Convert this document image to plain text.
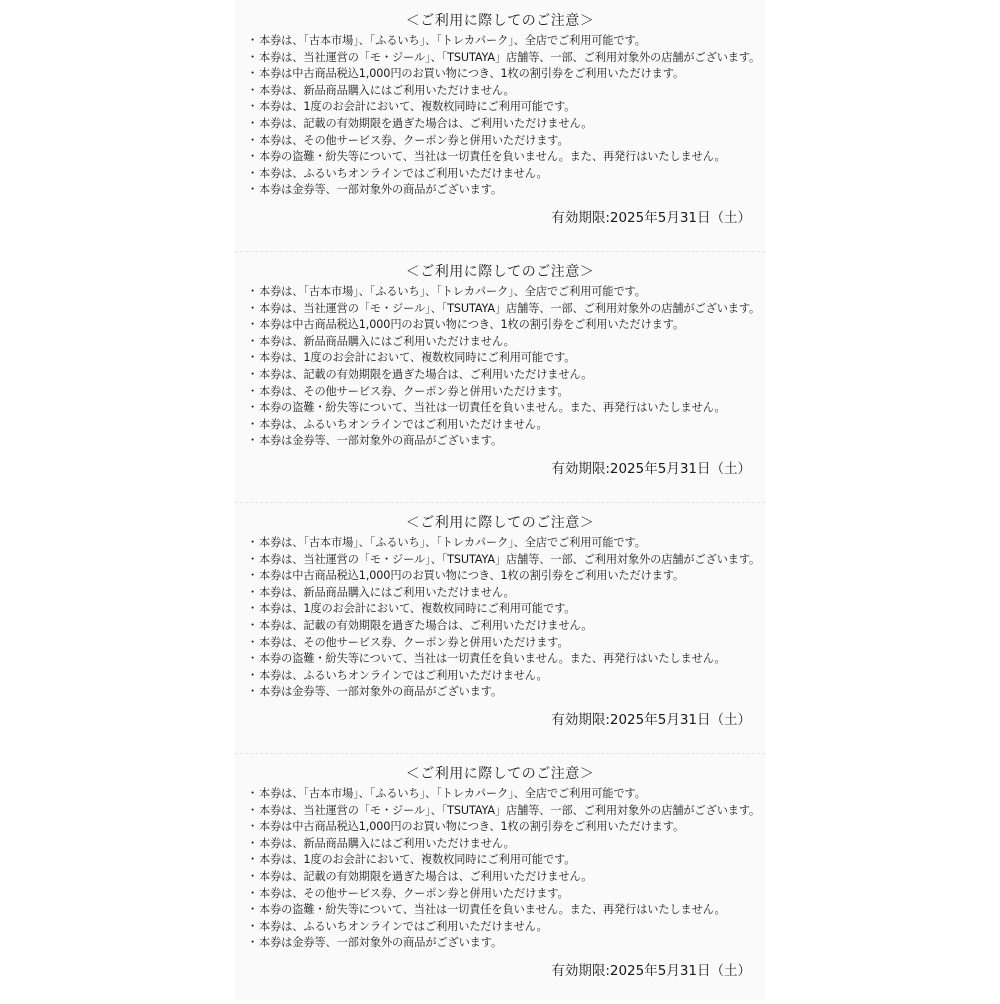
＜ご利用に際してのご注意＞
・本券は、「古本市場」、「ふるいち」、「トレカパーク」、全店でご利用可能です。
・本券は、当社運営の「モ・ジール」、「TSUTAYA」店舗等、一部、ご利用対象外の店舗がございます。
・本券は中古商品税込1,000円のお買い物につき、1枚の割引券をご利用いただけます。
・本券は、新品商品購入にはご利用いただけません。
・本券は、1度のお会計において、複数枚同時にご利用可能です。
・本券は、記載の有効期限を過ぎた場合は、ご利用いただけません。
・本券は、その他サービス券、クーポン券と併用いただけます。
・本券の盗難・紛失等について、当社は一切責任を負いません。また、再発行はいたしません。
・本券は、ふるいちオンラインではご利用いただけません。
・本券は金券等、一部対象外の商品がございます。
有効期限:2025年5月31日（土）
＜ご利用に際してのご注意＞
・本券は、「古本市場」、「ふるいち」、「トレカパーク」、全店でご利用可能です。
・本券は、当社運営の「モ・ジール」、「TSUTAYA」店舗等、一部、ご利用対象外の店舗がございます。
・本券は中古商品税込1,000円のお買い物につき、1枚の割引券をご利用いただけます。
・本券は、新品商品購入にはご利用いただけません。
・本券は、1度のお会計において、複数枚同時にご利用可能です。
・本券は、記載の有効期限を過ぎた場合は、ご利用いただけません。
・本券は、その他サービス券、クーポン券と併用いただけます。
・本券の盗難・紛失等について、当社は一切責任を負いません。また、再発行はいたしません。
・本券は、ふるいちオンラインではご利用いただけません。
・本券は金券等、一部対象外の商品がございます。
有効期限:2025年5月31日（土）
＜ご利用に際してのご注意＞
・本券は、「古本市場」、「ふるいち」、「トレカパーク」、全店でご利用可能です。
・本券は、当社運営の「モ・ジール」、「TSUTAYA」店舗等、一部、ご利用対象外の店舗がございます。
・本券は中古商品税込1,000円のお買い物につき、1枚の割引券をご利用いただけます。
・本券は、新品商品購入にはご利用いただけません。
・本券は、1度のお会計において、複数枚同時にご利用可能です。
・本券は、記載の有効期限を過ぎた場合は、ご利用いただけません。
・本券は、その他サービス券、クーポン券と併用いただけます。
・本券の盗難・紛失等について、当社は一切責任を負いません。また、再発行はいたしません。
・本券は、ふるいちオンラインではご利用いただけません。
・本券は金券等、一部対象外の商品がございます。
有効期限:2025年5月31日（土）
＜ご利用に際してのご注意＞
・本券は、「古本市場」、「ふるいち」、「トレカパーク」、全店でご利用可能です。
・本券は、当社運営の「モ・ジール」、「TSUTAYA」店舗等、一部、ご利用対象外の店舗がございます。
・本券は中古商品税込1,000円のお買い物につき、1枚の割引券をご利用いただけます。
・本券は、新品商品購入にはご利用いただけません。
・本券は、1度のお会計において、複数枚同時にご利用可能です。
・本券は、記載の有効期限を過ぎた場合は、ご利用いただけません。
・本券は、その他サービス券、クーポン券と併用いただけます。
・本券の盗難・紛失等について、当社は一切責任を負いません。また、再発行はいたしません。
・本券は、ふるいちオンラインではご利用いただけません。
・本券は金券等、一部対象外の商品がございます。
有効期限:2025年5月31日（土）
